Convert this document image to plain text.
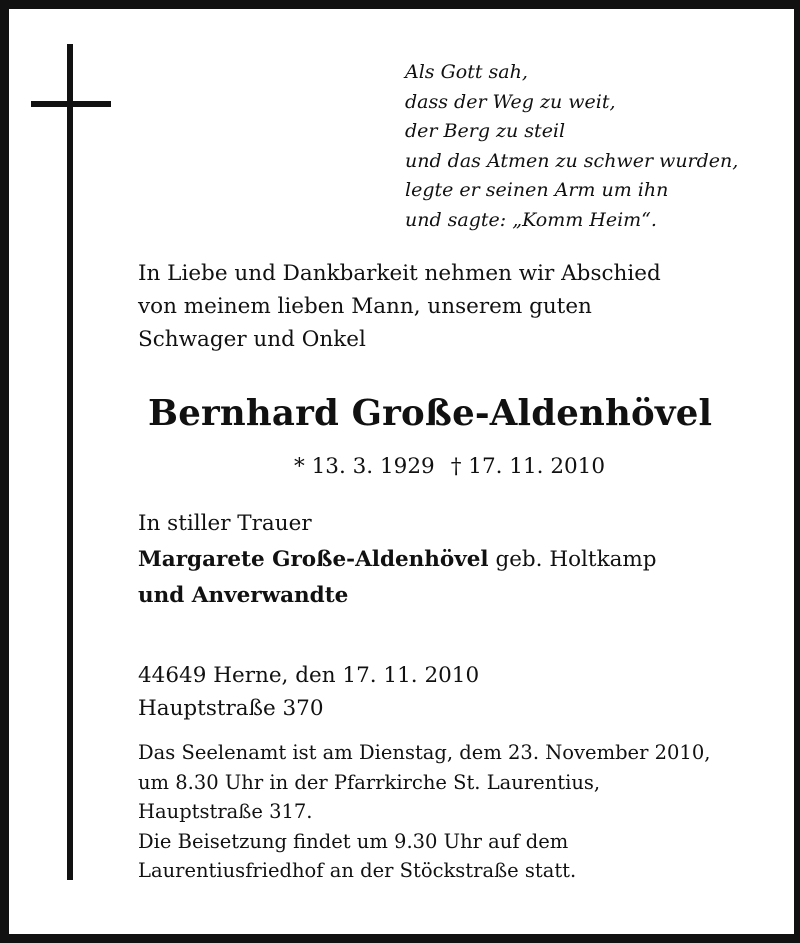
Als Gott sah,
dass der Weg zu weit,
der Berg zu steil
und das Atmen zu schwer wurden,
legte er seinen Arm um ihn
und sagte: „Komm Heim“.
In Liebe und Dankbarkeit nehmen wir Abschied
von meinem lieben Mann, unserem guten
Schwager und Onkel
Bernhard Große-Aldenhövel
* 13. 3. 1929 † 17. 11. 2010
In stiller Trauer
Margarete Große-Aldenhövel geb. Holtkamp
und Anverwandte
44649 Herne, den 17. 11. 2010
Hauptstraße 370
Das Seelenamt ist am Dienstag, dem 23. November 2010,
um 8.30 Uhr in der Pfarrkirche St. Laurentius,
Hauptstraße 317.
Die Beisetzung findet um 9.30 Uhr auf dem
Laurentiusfriedhof an der Stöckstraße statt.
